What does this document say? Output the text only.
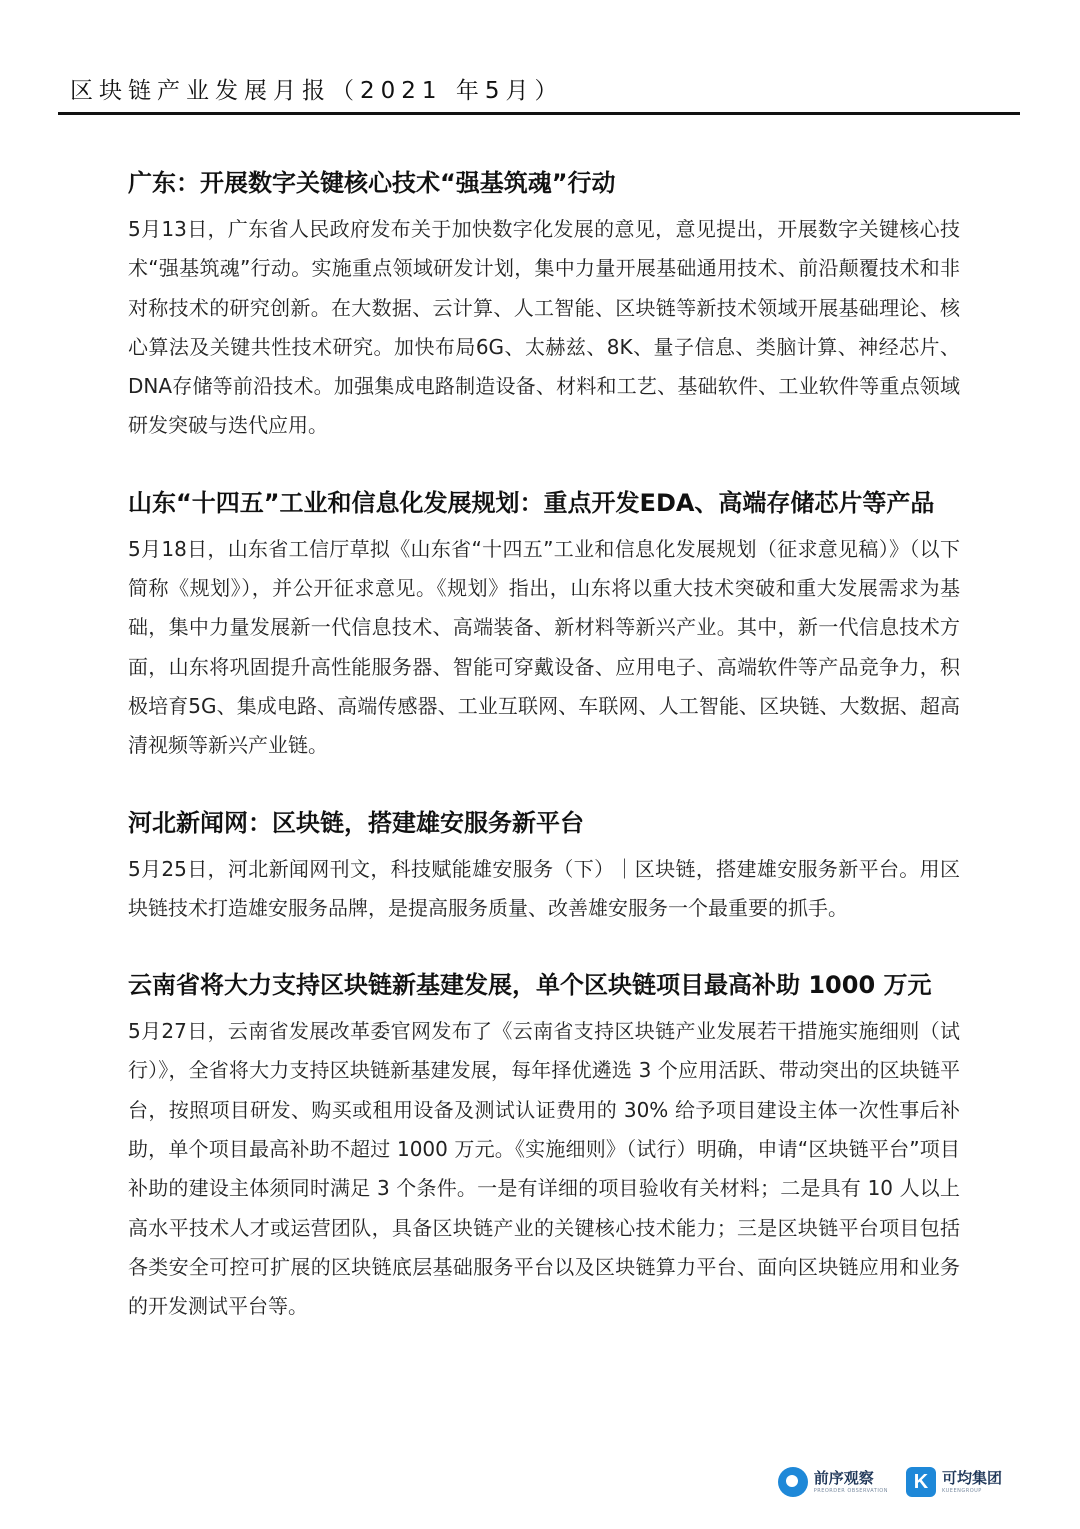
区块链产业发展月报（2021 年5月）
广东：开展数字关键核心技术“强基筑魂”行动

5月13日，广东省人民政府发布关于加快数字化发展的意见，意见提出，开展数字关键核心技术“强基筑魂”行动。实施重点领域研发计划，集中力量开展基础通用技术、前沿颠覆技术和非对称技术的研究创新。在大数据、云计算、人工智能、区块链等新技术领域开展基础理论、核心算法及关键共性技术研究。加快布局6G、太赫兹、8K、量子信息、类脑计算、神经芯片、DNA存储等前沿技术。加强集成电路制造设备、材料和工艺、基础软件、工业软件等重点领域研发突破与迭代应用。

山东“十四五”工业和信息化发展规划：重点开发EDA、高端存储芯片等产品

5月18日，山东省工信厅草拟《山东省“十四五”工业和信息化发展规划（征求意见稿）》（以下简称《规划》），并公开征求意见。《规划》指出，山东将以重大技术突破和重大发展需求为基础，集中力量发展新一代信息技术、高端装备、新材料等新兴产业。其中，新一代信息技术方面，山东将巩固提升高性能服务器、智能可穿戴设备、应用电子、高端软件等产品竞争力，积极培育5G、集成电路、高端传感器、工业互联网、车联网、人工智能、区块链、大数据、超高清视频等新兴产业链。

河北新闻网：区块链，搭建雄安服务新平台

5月25日，河北新闻网刊文，科技赋能雄安服务（下）｜区块链，搭建雄安服务新平台。用区块链技术打造雄安服务品牌，是提高服务质量、改善雄安服务一个最重要的抓手。

云南省将大力支持区块链新基建发展，单个区块链项目最高补助 1000 万元

5月27日，云南省发展改革委官网发布了《云南省支持区块链产业发展若干措施实施细则（试行）》，全省将大力支持区块链新基建发展，每年择优遴选 3 个应用活跃、带动突出的区块链平台，按照项目研发、购买或租用设备及测试认证费用的 30% 给予项目建设主体一次性事后补助，单个项目最高补助不超过 1000 万元。《实施细则》（试行）明确，申请“区块链平台”项目补助的建设主体须同时满足 3 个条件。一是有详细的项目验收有关材料；二是具有 10 人以上高水平技术人才或运营团队，具备区块链产业的关键核心技术能力；三是区块链平台项目包括各类安全可控可扩展的区块链底层基础服务平台以及区块链算力平台、面向区块链应用和业务的开发测试平台等。

前序观察
PREORDER OBSERVATION	K 可均集团
KUEENGROUP
